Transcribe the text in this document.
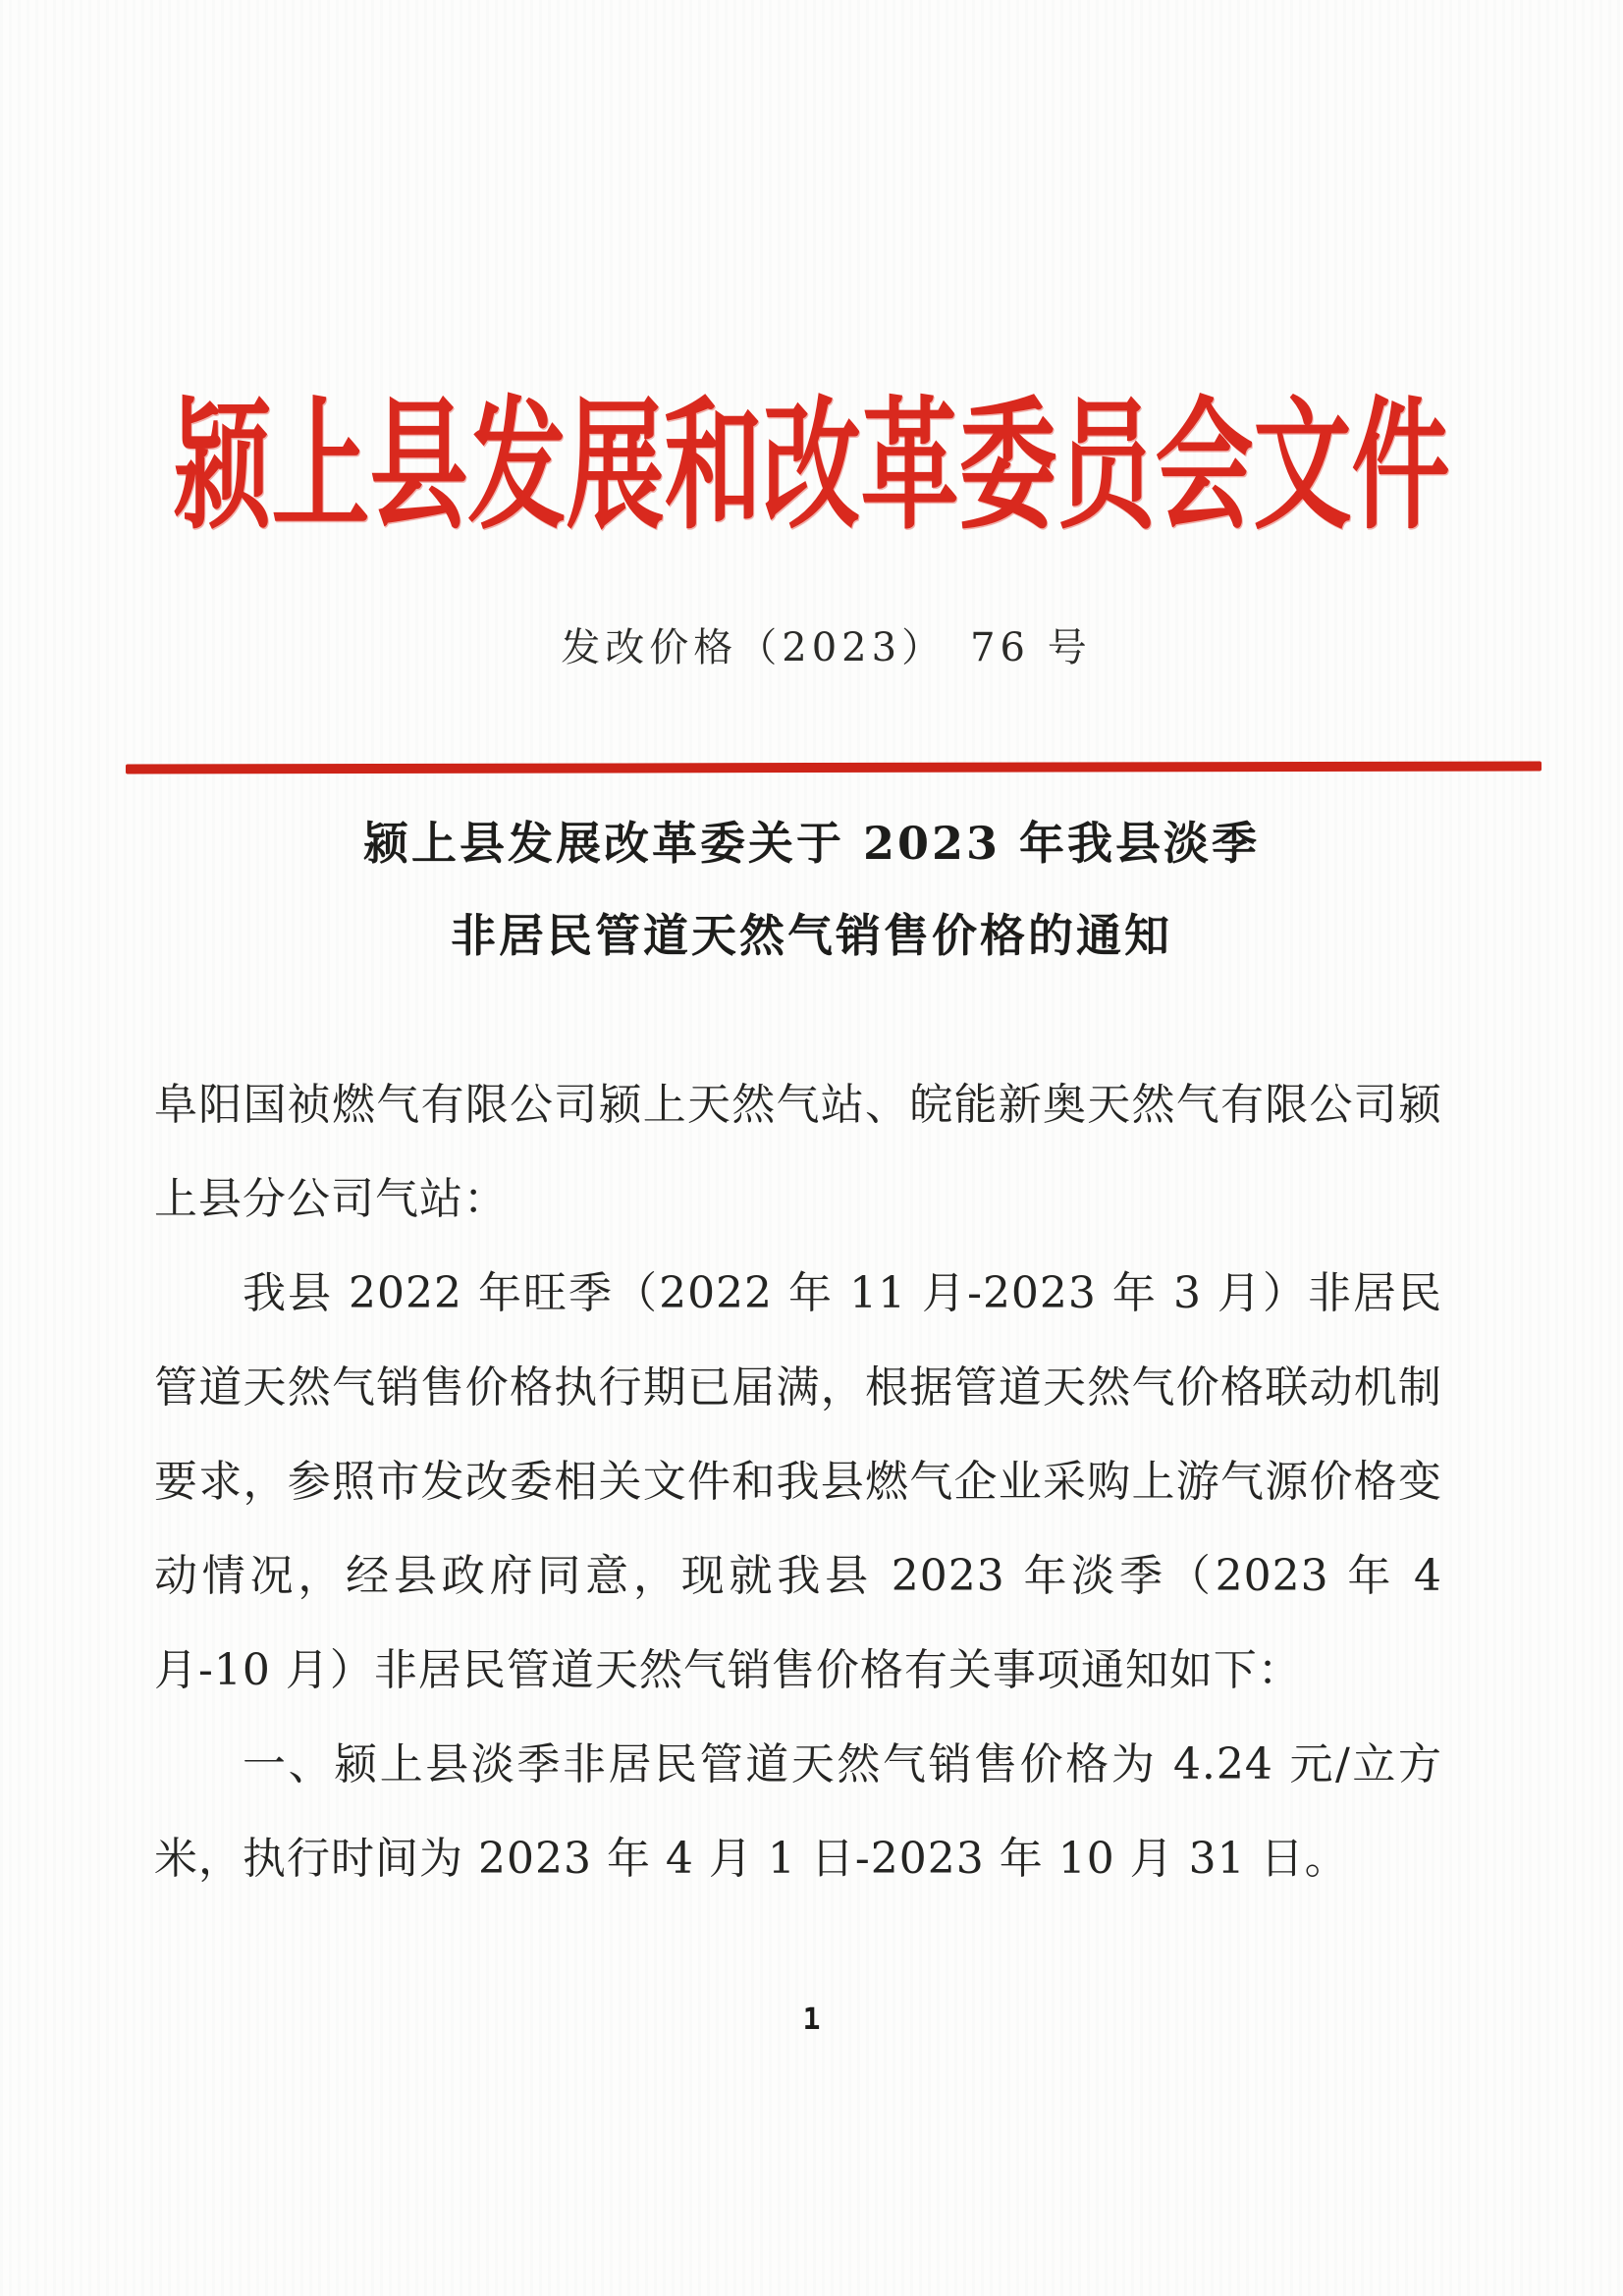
颍上县发展和改革委员会文件
发改价格（2023）　76 号
颍上县发展改革委关于 2023 年我县淡季
非居民管道天然气销售价格的通知

阜阳国祯燃气有限公司颍上天然气站、皖能新奥天然气有限公司颍上县分公司气站：

我县 2022 年旺季（2022 年 11 月-2023 年 3 月）非居民管道天然气销售价格执行期已届满，根据管道天然气价格联动机制要求，参照市发改委相关文件和我县燃气企业采购上游气源价格变动情况，经县政府同意，现就我县 2023 年淡季（2023 年 4 月-10 月）非居民管道天然气销售价格有关事项通知如下：

一、颍上县淡季非居民管道天然气销售价格为 4.24 元/立方米，执行时间为 2023 年 4 月 1 日-2023 年 10 月 31 日。

1
